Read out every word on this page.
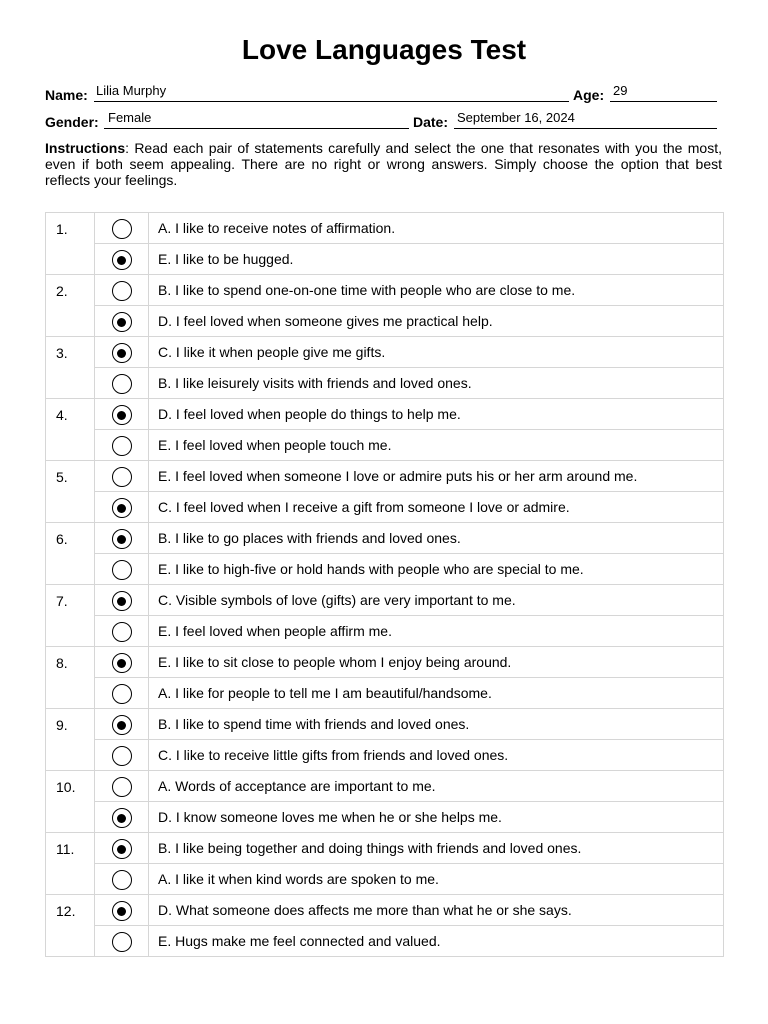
Love Languages Test
Name: Lilia Murphy	Age: 29
Gender: Female	Date: September 16, 2024
Instructions: Read each pair of statements carefully and select the one that resonates with you the most, even if both seem appealing. There are no right or wrong answers. Simply choose the option that best reflects your feelings.
1.		A. I like to receive notes of affirmation.
		E. I like to be hugged.
2.		B. I like to spend one-on-one time with people who are close to me.
		D. I feel loved when someone gives me practical help.
3.		C. I like it when people give me gifts.
		B. I like leisurely visits with friends and loved ones.
4.		D. I feel loved when people do things to help me.
		E. I feel loved when people touch me.
5.		E. I feel loved when someone I love or admire puts his or her arm around me.
		C. I feel loved when I receive a gift from someone I love or admire.
6.		B. I like to go places with friends and loved ones.
		E. I like to high-five or hold hands with people who are special to me.
7.		C. Visible symbols of love (gifts) are very important to me.
		E. I feel loved when people affirm me.
8.		E. I like to sit close to people whom I enjoy being around.
		A. I like for people to tell me I am beautiful/handsome.
9.		B. I like to spend time with friends and loved ones.
		C. I like to receive little gifts from friends and loved ones.
10.		A. Words of acceptance are important to me.
		D. I know someone loves me when he or she helps me.
11.		B. I like being together and doing things with friends and loved ones.
		A. I like it when kind words are spoken to me.
12.		D. What someone does affects me more than what he or she says.
		E. Hugs make me feel connected and valued.
